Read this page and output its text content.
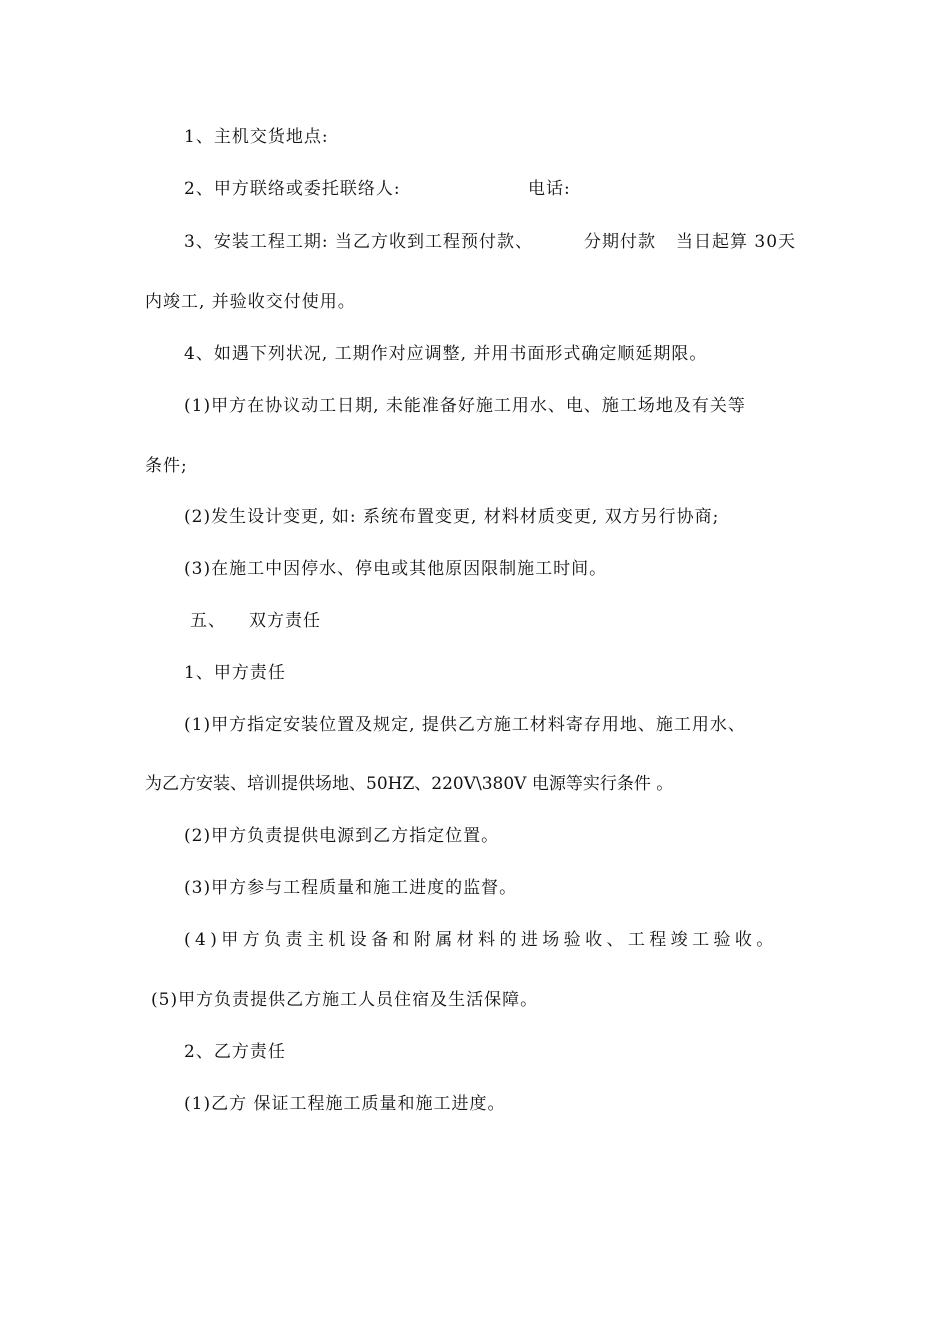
1、主机交货地点:
2、甲方联络或委托联络人:	电话:
3、安装工程工期: 当乙方收到工程预付款、	分期付款 当日起算 30天
内竣工, 并验收交付使用。
4、如遇下列状况, 工期作对应调整, 并用书面形式确定顺延期限。
(1)甲方在协议动工日期, 未能准备好施工用水、电、施工场地及有关等
条件;
(2)发生设计变更, 如: 系统布置变更, 材料材质变更, 双方另行协商;
(3)在施工中因停水、停电或其他原因限制施工时间。
五、 双方责任
1、甲方责任
(1)甲方指定安装位置及规定, 提供乙方施工材料寄存用地、施工用水、
为乙方安装、培训提供场地、50HZ、220V\380V 电源等实行条件 。
(2)甲方负责提供电源到乙方指定位置。
(3)甲方参与工程质量和施工进度的监督。
(4)甲方负责主机设备和附属材料的进场验收、工程竣工验收。
(5)甲方负责提供乙方施工人员住宿及生活保障。
2、乙方责任
(1)乙方 保证工程施工质量和施工进度。
